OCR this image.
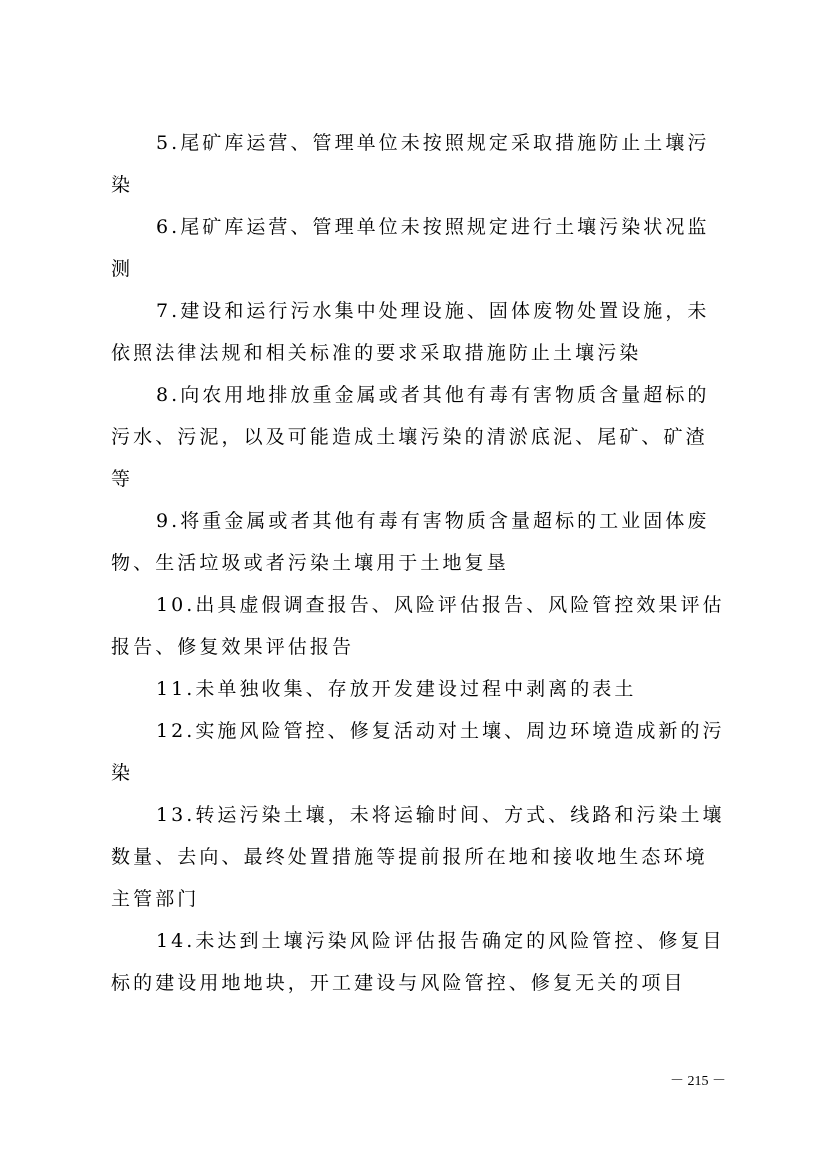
5.尾矿库运营、管理单位未按照规定采取措施防止土壤污
染
6.尾矿库运营、管理单位未按照规定进行土壤污染状况监
测
7.建设和运行污水集中处理设施、固体废物处置设施，未
依照法律法规和相关标准的要求采取措施防止土壤污染
8.向农用地排放重金属或者其他有毒有害物质含量超标的
污水、污泥，以及可能造成土壤污染的清淤底泥、尾矿、矿渣
等
9.将重金属或者其他有毒有害物质含量超标的工业固体废
物、生活垃圾或者污染土壤用于土地复垦
10.出具虚假调查报告、风险评估报告、风险管控效果评估
报告、修复效果评估报告
11.未单独收集、存放开发建设过程中剥离的表土
12.实施风险管控、修复活动对土壤、周边环境造成新的污
染
13.转运污染土壤，未将运输时间、方式、线路和污染土壤
数量、去向、最终处置措施等提前报所在地和接收地生态环境
主管部门
14.未达到土壤污染风险评估报告确定的风险管控、修复目
标的建设用地地块，开工建设与风险管控、修复无关的项目
－ 215 －
